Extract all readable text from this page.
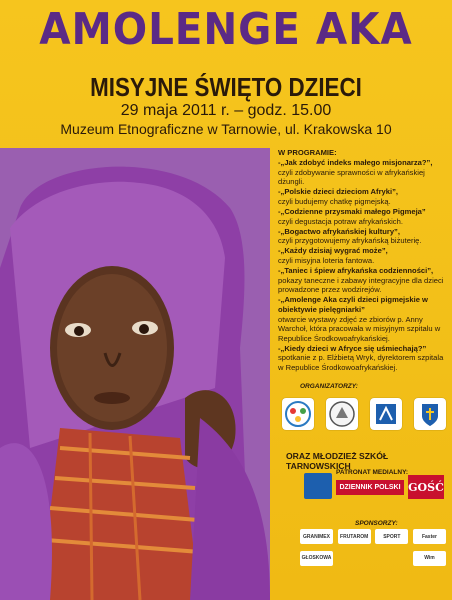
AMOLENGE AKA
MISYJNE ŚWIĘTO DZIECI
29 maja 2011 r. – godz. 15.00
Muzeum Etnograficzne w Tarnowie, ul. Krakowska 10
W PROGRAMIE:
-„Jak zdobyć indeks małego misjonarza?”,
czyli zdobywanie sprawności w afrykańskiej dżungli.
-„Polskie dzieci dzieciom Afryki”,
czyli budujemy chatkę pigmejską.
-„Codzienne przysmaki małego Pigmeja”
czyli degustacja potraw afrykańskich.
-„Bogactwo afrykańskiej kultury”,
czyli przygotowujemy afrykańską biżuterię.
-„Każdy dzisiaj wygrać może”,
czyli misyjna loteria fantowa.
-„Taniec i śpiew afrykańska codzienności”,
pokazy taneczne i zabawy integracyjne dla dzieci prowadzone przez wodzirejów.
-„Amolenge Aka czyli dzieci pigmejskie w obiektywie pielęgniarki”
otwarcie wystawy zdjęć ze zbiorów p. Anny Warchoł, która pracowała w misyjnym szpitalu w Republice Środkowoafrykańskiej.
-„Kiedy dzieci w Afryce się uśmiechają?”
spotkanie z p. Elżbietą Wryk, dyrektorem szpitala w Republice Środkowoafrykańskiej.
ORGANIZATORZY:
ORAZ MŁODZIEŻ SZKÓŁ TARNOWSKICH
PATRONAT MEDIALNY:
DZIENNIK POLSKI GOŚĆ
SPONSORZY:
GRANIMEX	FRUTAROM	SPORT	Faster
GŁOSKOWA	Wim
